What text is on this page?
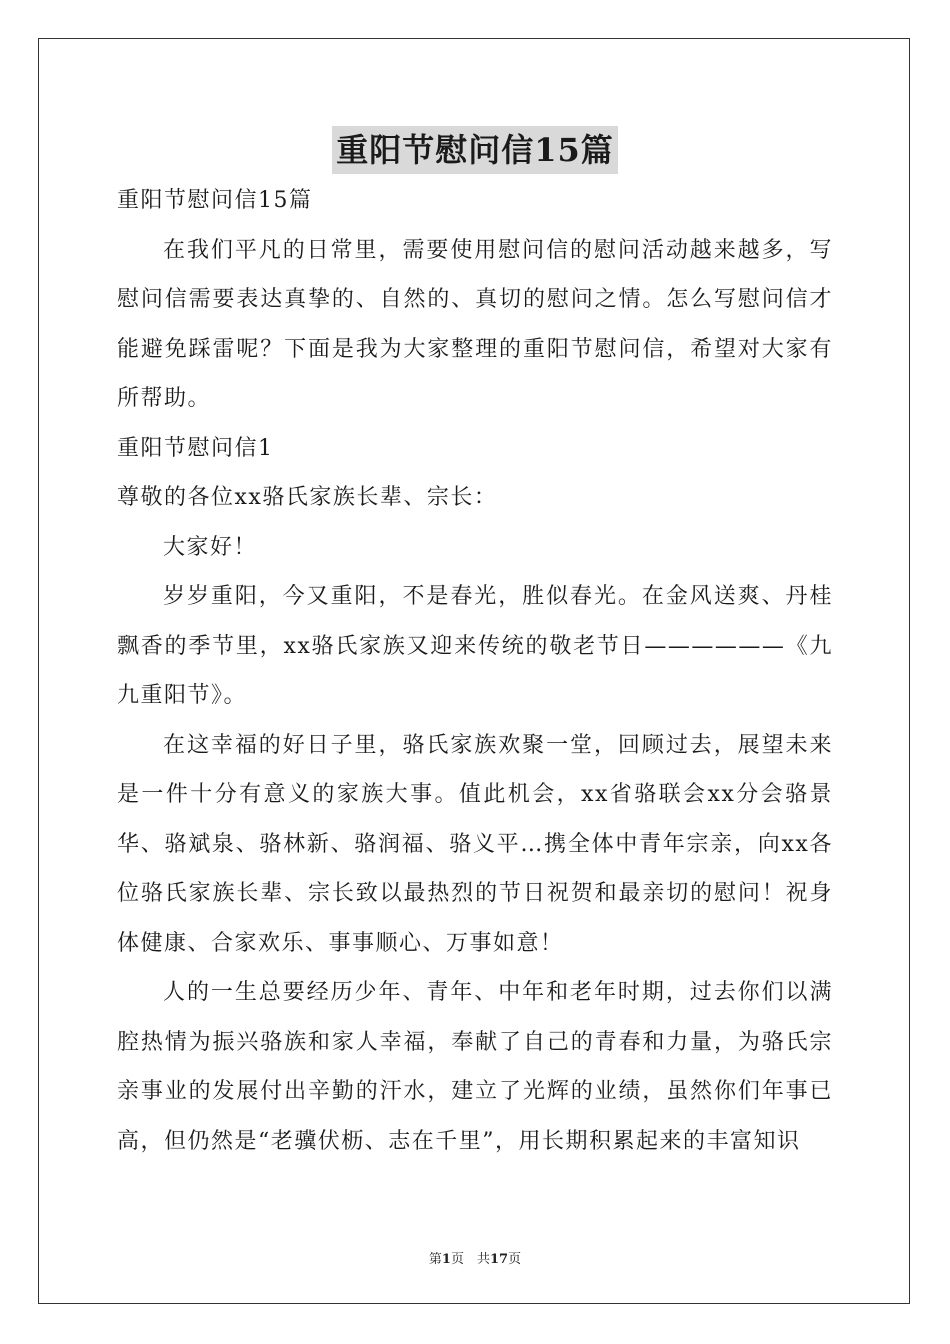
重阳节慰问信15篇

重阳节慰问信15篇

在我们平凡的日常里，需要使用慰问信的慰问活动越来越多，写慰问信需要表达真挚的、自然的、真切的慰问之情。怎么写慰问信才能避免踩雷呢？下面是我为大家整理的重阳节慰问信，希望对大家有所帮助。

重阳节慰问信1

尊敬的各位xx骆氏家族长辈、宗长：

大家好！

岁岁重阳，今又重阳，不是春光，胜似春光。在金风送爽、丹桂飘香的季节里，xx骆氏家族又迎来传统的敬老节日——————《九九重阳节》。

在这幸福的好日子里，骆氏家族欢聚一堂，回顾过去，展望未来是一件十分有意义的家族大事。值此机会，xx省骆联会xx分会骆景华、骆斌泉、骆林新、骆润福、骆义平…携全体中青年宗亲，向xx各位骆氏家族长辈、宗长致以最热烈的节日祝贺和最亲切的慰问！祝身体健康、合家欢乐、事事顺心、万事如意！

人的一生总要经历少年、青年、中年和老年时期，过去你们以满腔热情为振兴骆族和家人幸福，奉献了自己的青春和力量，为骆氏宗亲事业的发展付出辛勤的汗水，建立了光辉的业绩，虽然你们年事已高，但仍然是“老骥伏枥、志在千里”，用长期积累起来的丰富知识

第1页　共17页
